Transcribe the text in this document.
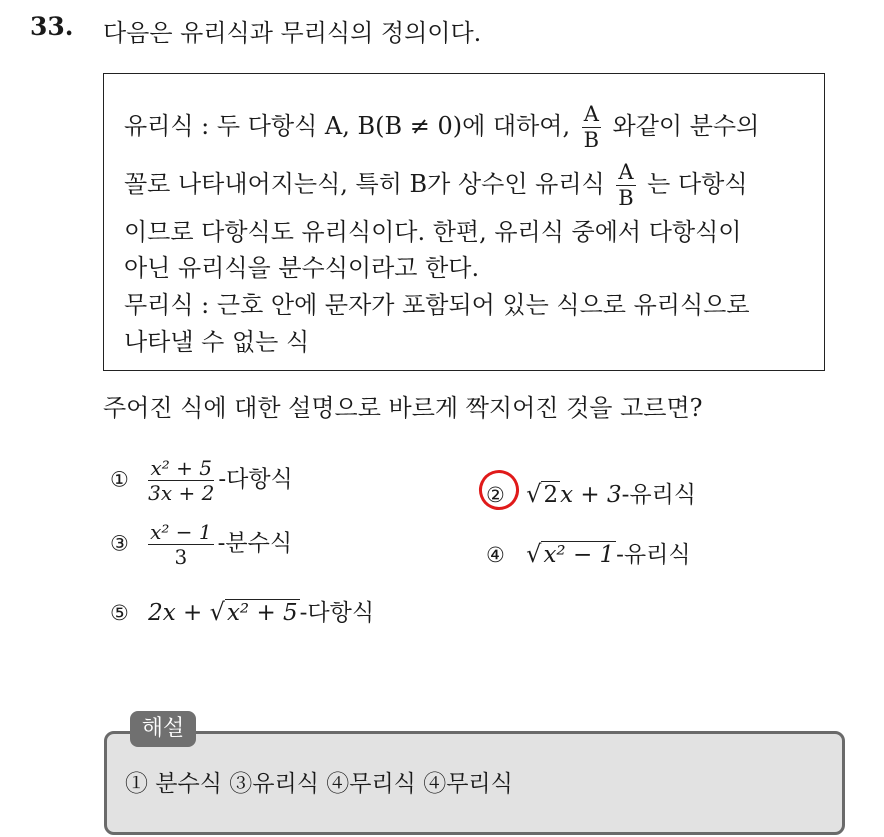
33. 다음은 유리식과 무리식의 정의이다.
유리식 : 두 다항식 A, B(B ≠ 0)에 대하여, $\frac{A}{B}$ 와같이 분수의
꼴로 나타내어지는식, 특히 B가 상수인 유리식 $\frac{A}{B}$ 는 다항식
이므로 다항식도 유리식이다. 한편, 유리식 중에서 다항식이
아닌 유리식을 분수식이라고 한다.
무리식 : 근호 안에 문자가 포함되어 있는 식으로 유리식으로
나타낼 수 없는 식
주어진 식에 대한 설명으로 바르게 짝지어진 것을 고르면?
① $\frac{\text{x² + 5}}{3x + 2}$ -다항식
② √2x + 3-유리식
③ $\frac{\text{x² − 1}}{3}$ -분수식	④ √x² − 1-유리식
⑤ 2x + √x² + 5-다항식
해설
① 분수식 ③유리식 ④무리식 ④무리식
